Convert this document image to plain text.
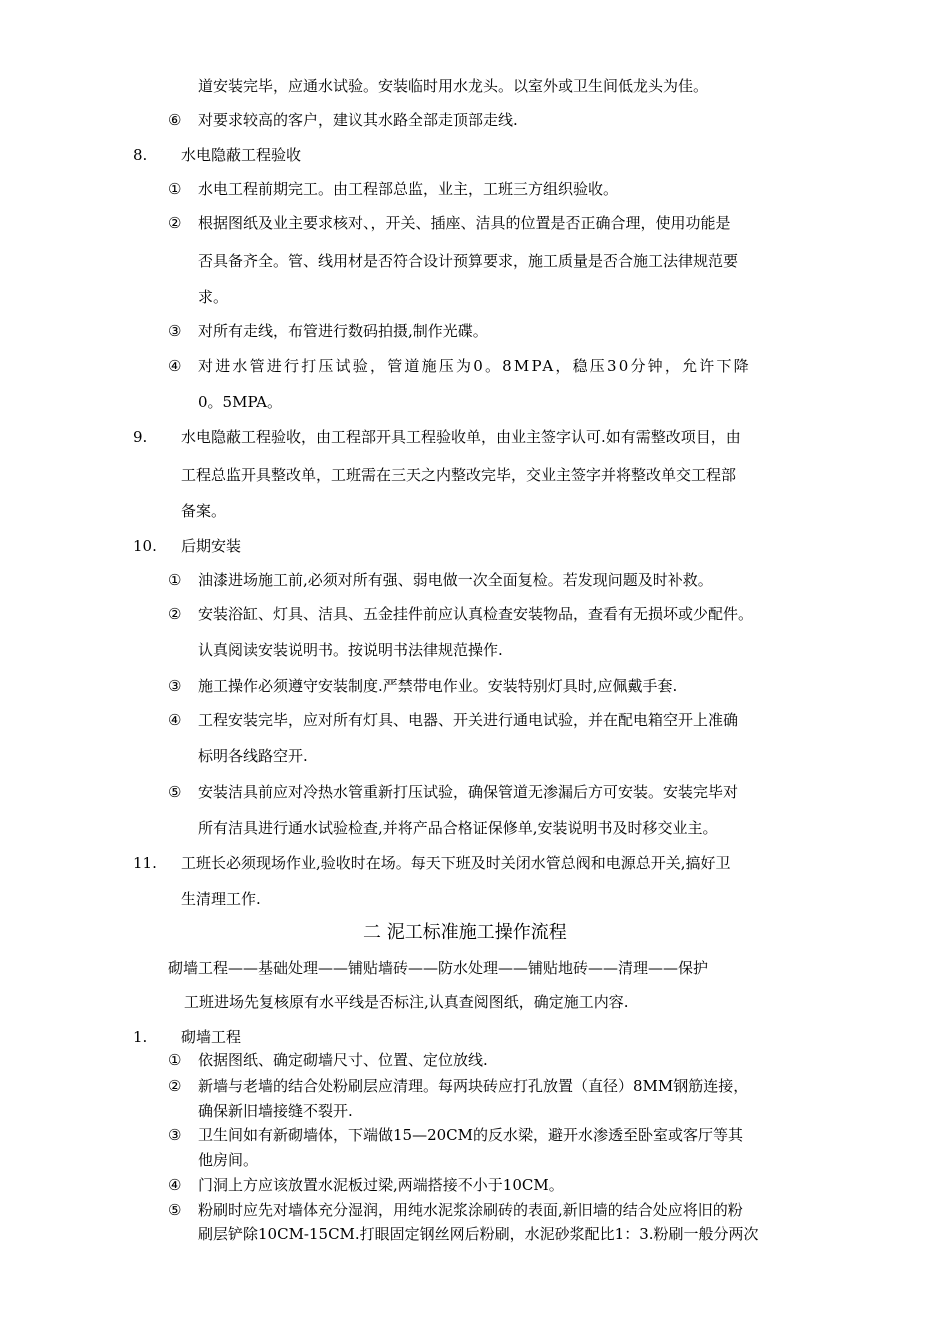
⑥
8.
①
②
③
④
9.
10.
①
②
③
④
⑤
11.
1.
①
②
③
④
⑤
道安装完毕，应通水试验。安装临时用水龙头。以室外或卫生间低龙头为佳。
对要求较高的客户，建议其水路全部走顶部走线.
水电隐蔽工程验收
水电工程前期完工。由工程部总监，业主，工班三方组织验收。
根据图纸及业主要求核对、，开关、插座、洁具的位置是否正确合理，使用功能是
否具备齐全。管、线用材是否符合设计预算要求，施工质量是否合施工法律规范要
求。
对所有走线，布管进行数码拍摄,制作光碟。
对进水管进行打压试验，管道施压为0。8MPA，稳压30分钟，允许下降
0。5MPA。
水电隐蔽工程验收，由工程部开具工程验收单，由业主签字认可.如有需整改项目，由
工程总监开具整改单，工班需在三天之内整改完毕，交业主签字并将整改单交工程部
备案。
后期安装
油漆进场施工前,必须对所有强、弱电做一次全面复检。若发现问题及时补救。
安装浴缸、灯具、洁具、五金挂件前应认真检查安装物品，查看有无损坏或少配件。
认真阅读安装说明书。按说明书法律规范操作.
施工操作必须遵守安装制度.严禁带电作业。安装特别灯具时,应佩戴手套.
工程安装完毕，应对所有灯具、电器、开关进行通电试验，并在配电箱空开上准确
标明各线路空开.
安装洁具前应对冷热水管重新打压试验，确保管道无渗漏后方可安装。安装完毕对
所有洁具进行通水试验检查,并将产品合格证保修单,安装说明书及时移交业主。
工班长必须现场作业,验收时在场。每天下班及时关闭水管总阀和电源总开关,搞好卫
生清理工作.
二 泥工标准施工操作流程
砌墙工程——基础处理——铺贴墙砖——防水处理——铺贴地砖——清理——保护
工班进场先复核原有水平线是否标注,认真查阅图纸，确定施工内容.
砌墙工程
依据图纸、确定砌墙尺寸、位置、定位放线.
新墙与老墙的结合处粉刷层应清理。每两块砖应打孔放置（直径）8MM钢筋连接，
确保新旧墙接缝不裂开.
卫生间如有新砌墙体，下端做15—20CM的反水梁，避开水渗透至卧室或客厅等其
他房间。
门洞上方应该放置水泥板过梁,两端搭接不小于10CM。
粉刷时应先对墙体充分湿润，用纯水泥浆涂刷砖的表面,新旧墙的结合处应将旧的粉
刷层铲除10CM-15CM.打眼固定钢丝网后粉刷，水泥砂浆配比1：3.粉刷一般分两次
